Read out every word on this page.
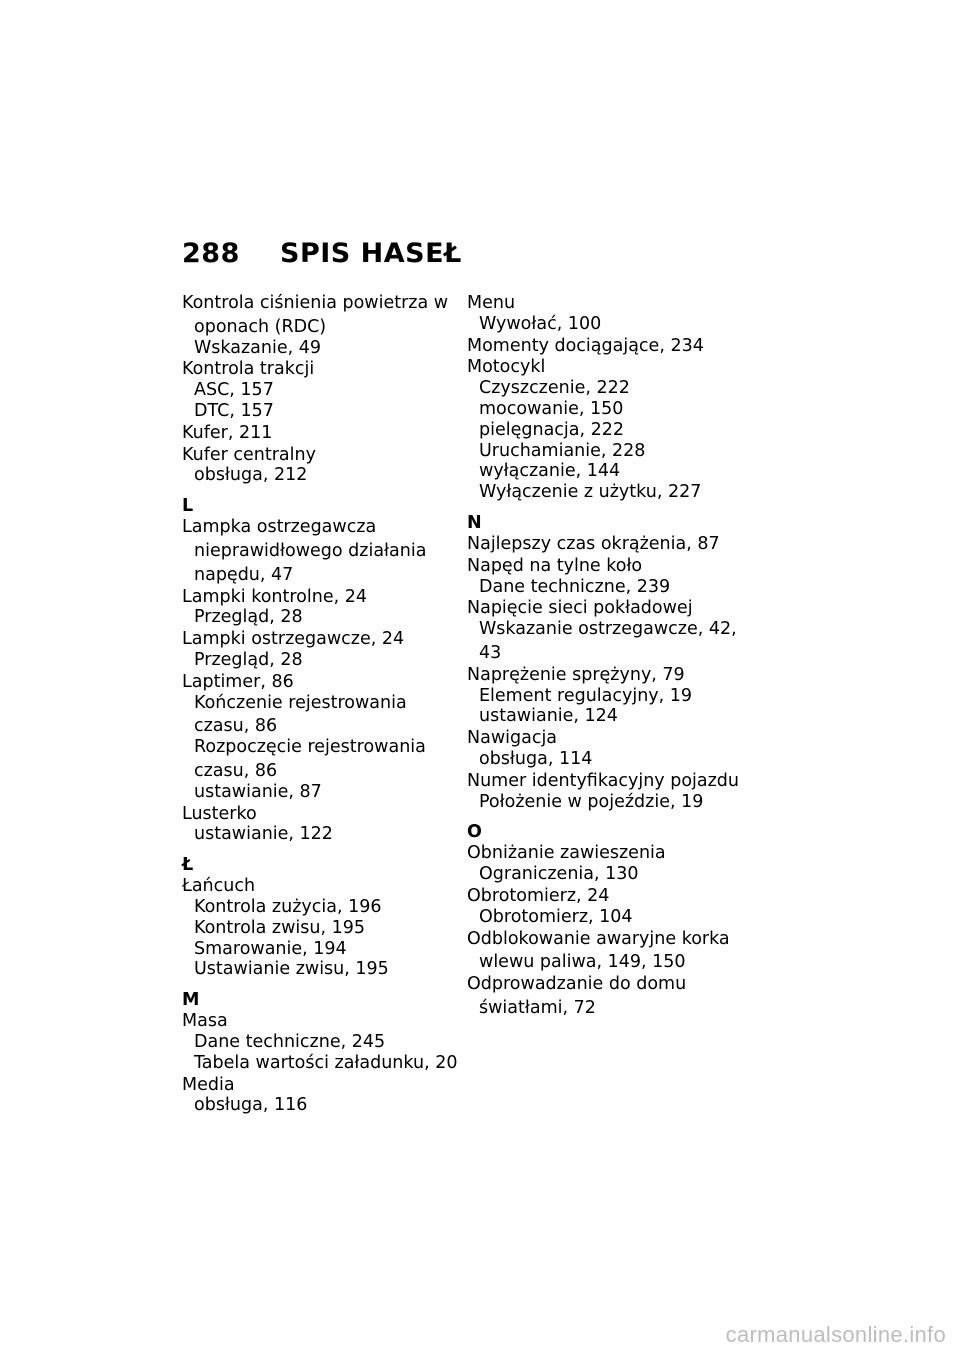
288 SPIS HASEŁ
Kontrola ciśnienia powietrza w
oponach (RDC)
Wskazanie, 49
Kontrola trakcji
ASC, 157
DTC, 157
Kufer, 211
Kufer centralny
obsługa, 212
L
Lampka ostrzegawcza
nieprawidłowego działania
napędu, 47
Lampki kontrolne, 24
Przegląd, 28
Lampki ostrzegawcze, 24
Przegląd, 28
Laptimer, 86
Kończenie rejestrowania
czasu, 86
Rozpoczęcie rejestrowania
czasu, 86
ustawianie, 87
Lusterko
ustawianie, 122
Ł
Łańcuch
Kontrola zużycia, 196
Kontrola zwisu, 195
Smarowanie, 194
Ustawianie zwisu, 195
M
Masa
Dane techniczne, 245
Tabela wartości załadunku, 20
Media
obsługa, 116
Menu
Wywołać, 100
Momenty dociągające, 234
Motocykl
Czyszczenie, 222
mocowanie, 150
pielęgnacja, 222
Uruchamianie, 228
wyłączanie, 144
Wyłączenie z użytku, 227
N
Najlepszy czas okrążenia, 87
Napęd na tylne koło
Dane techniczne, 239
Napięcie sieci pokładowej
Wskazanie ostrzegawcze, 42,
43
Naprężenie sprężyny, 79
Element regulacyjny, 19
ustawianie, 124
Nawigacja
obsługa, 114
Numer identyfikacyjny pojazdu
Położenie w pojeździe, 19
O
Obniżanie zawieszenia
Ograniczenia, 130
Obrotomierz, 24
Obrotomierz, 104
Odblokowanie awaryjne korka
wlewu paliwa, 149, 150
Odprowadzanie do domu
światłami, 72
carmanualsonline.info
